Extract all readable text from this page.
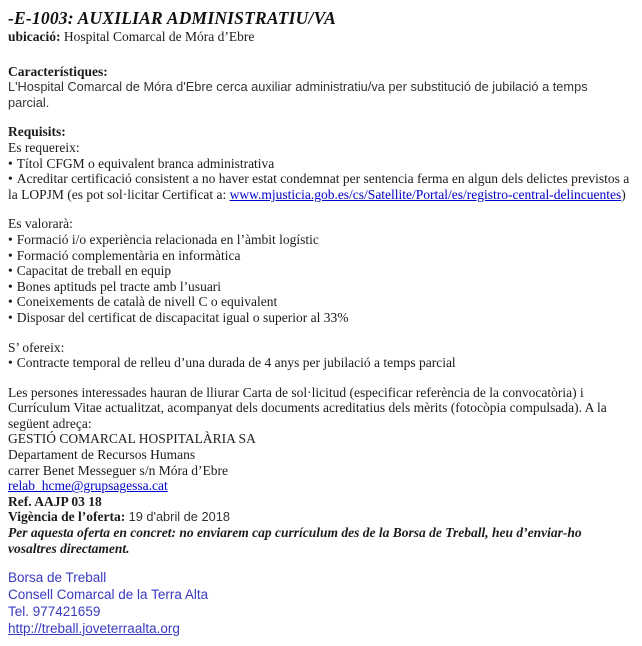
-E-1003: AUXILIAR ADMINISTRATIU/VA

ubicació: Hospital Comarcal de Móra d’Ebre

Característiques:

L'Hospital Comarcal de Móra d'Ebre cerca auxiliar administratiu/va per substitució de jubilació a temps parcial.

Requisits:

Es requereix:

• Títol CFGM o equivalent branca administrativa

• Acreditar certificació consistent a no haver estat condemnat per sentencia ferma en algun dels delictes previstos a la LOPJM (es pot sol·licitar Certificat a: www.mjusticia.gob.es/cs/Satellite/Portal/es/registro-central-delincuentes)

Es valorarà:

• Formació i/o experiència relacionada en l’àmbit logístic

• Formació complementària en informàtica

• Capacitat de treball en equip

• Bones aptituds pel tracte amb l’usuari

• Coneixements de català de nivell C o equivalent

• Disposar del certificat de discapacitat igual o superior al 33%

S’ ofereix:

• Contracte temporal de relleu d’una durada de 4 anys per jubilació a temps parcial

Les persones interessades hauran de lliurar Carta de sol·licitud (especificar referència de la convocatòria) i Currículum Vitae actualitzat, acompanyat dels documents acreditatius dels mèrits (fotocòpia compulsada). A la següent adreça:

GESTIÓ COMARCAL HOSPITALÀRIA SA

Departament de Recursos Humans

carrer Benet Messeguer s/n Móra d’Ebre

relab_hcme@grupsagessa.cat

Ref. AAJP 03 18

Vigència de l’oferta: 19 d'abril de 2018

Per aquesta oferta en concret: no enviarem cap currículum des de la Borsa de Treball, heu d’enviar-ho vosaltres directament.

Borsa de Treball

Consell Comarcal de la Terra Alta

Tel. 977421659

http://treball.joveterraalta.org
